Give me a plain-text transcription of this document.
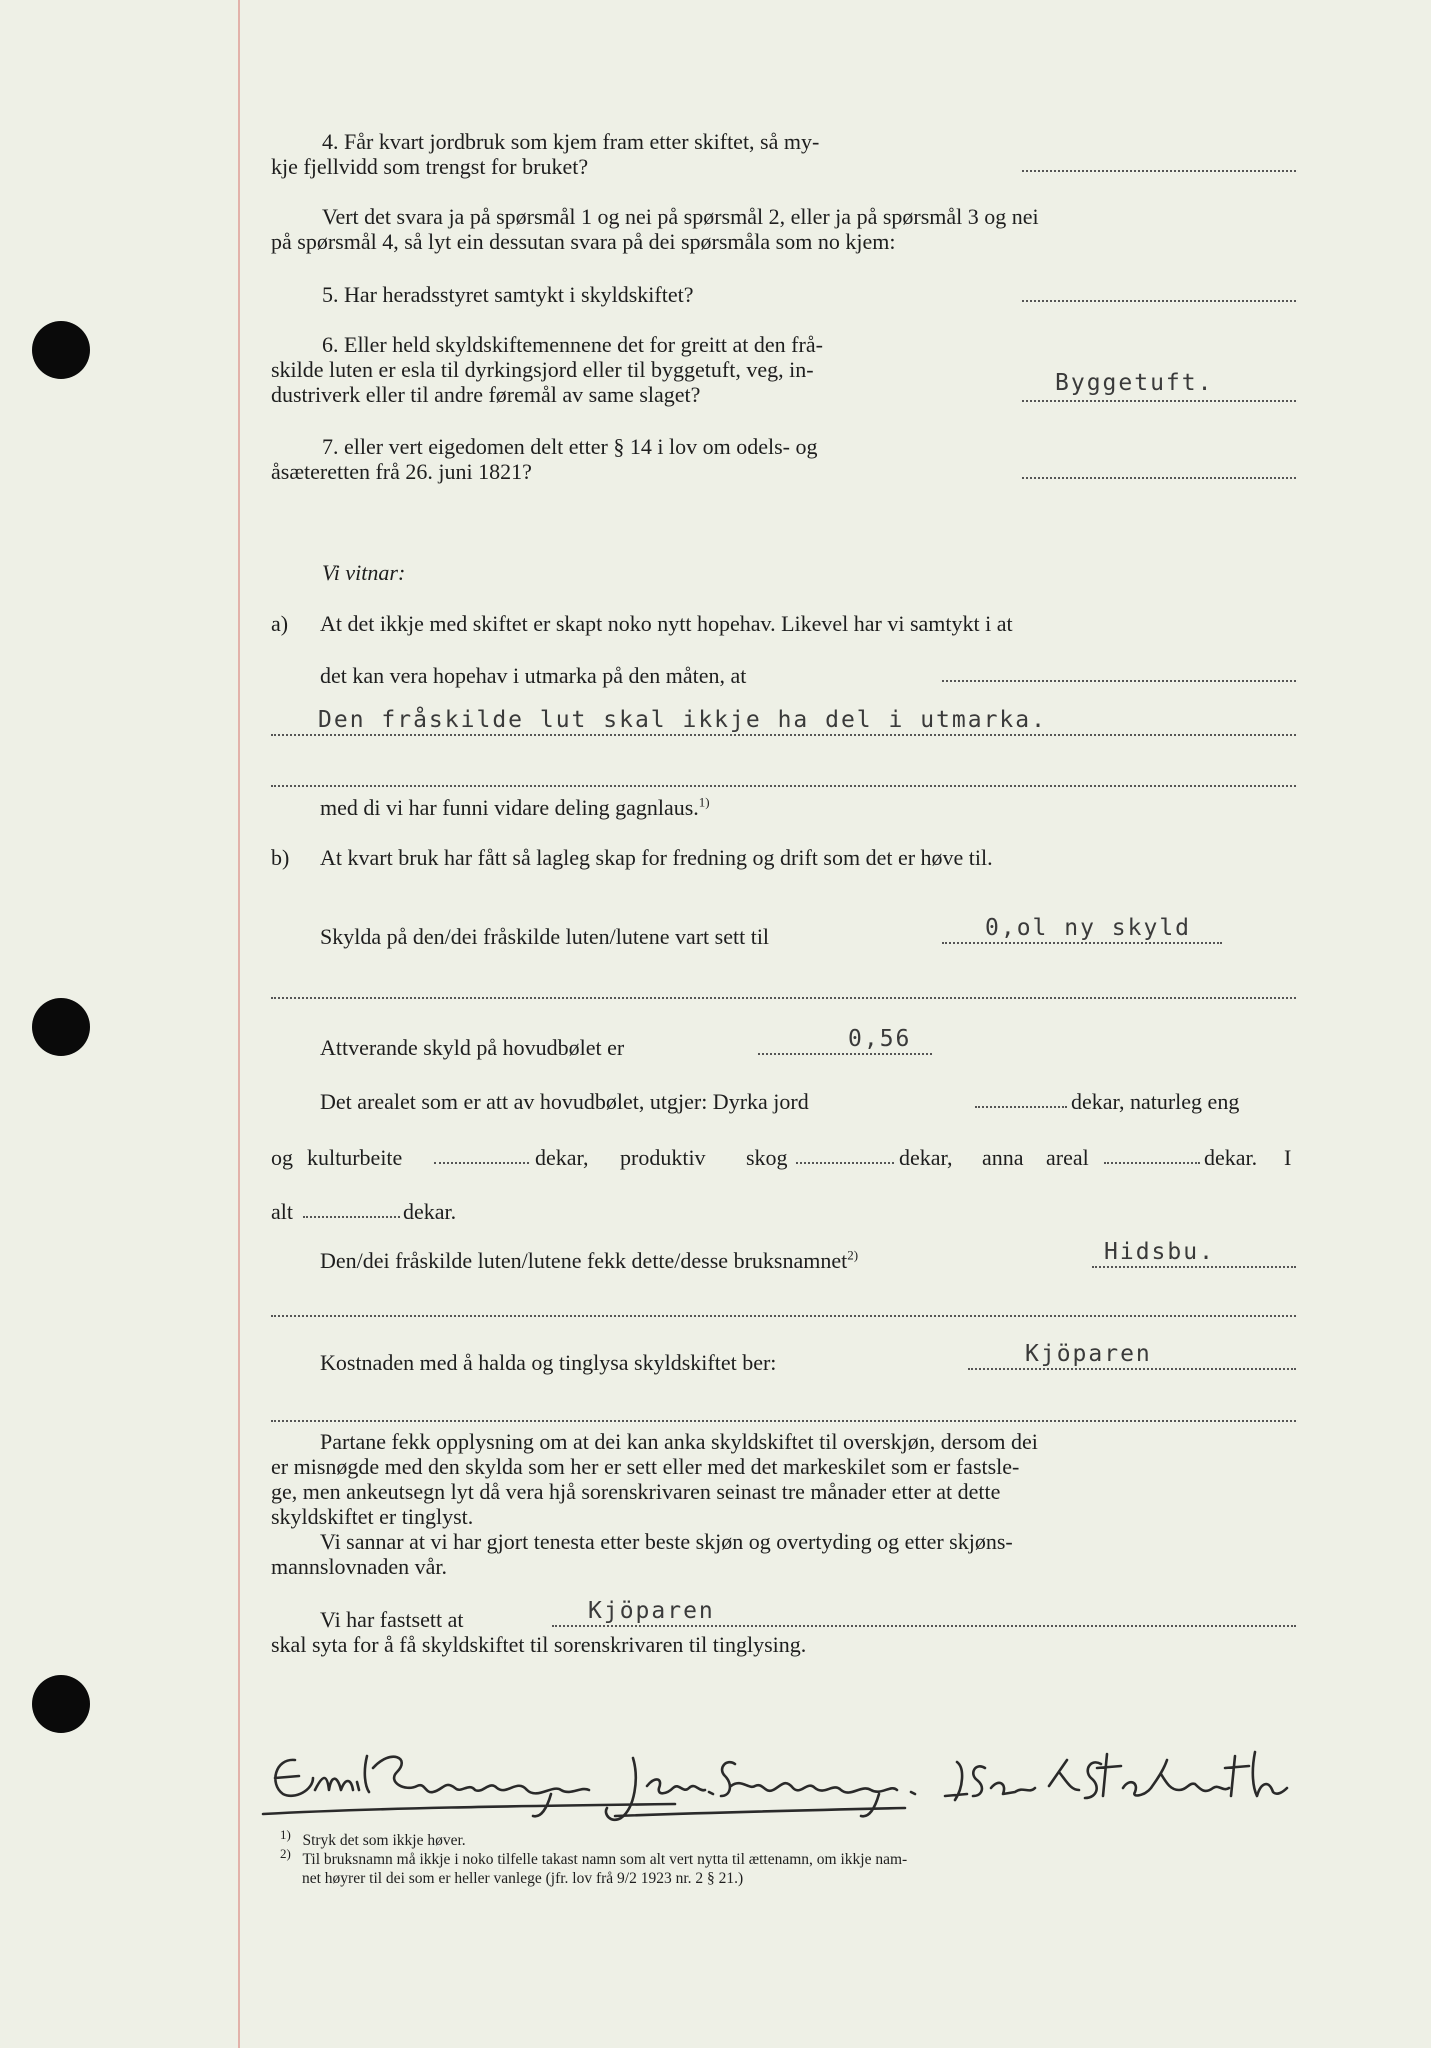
4. Får kvart jordbruk som kjem fram etter skiftet, så my-
kje fjellvidd som trengst for bruket?
Vert det svara ja på spørsmål 1 og nei på spørsmål 2, eller ja på spørsmål 3 og nei
på spørsmål 4, så lyt ein dessutan svara på dei spørsmåla som no kjem:
5. Har heradsstyret samtykt i skyldskiftet?
6. Eller held skyldskiftemennene det for greitt at den frå-
skilde luten er esla til dyrkingsjord eller til byggetuft, veg, in-
dustriverk eller til andre føremål av same slaget?	Byggetuft.
7. eller vert eigedomen delt etter § 14 i lov om odels- og
åsæteretten frå 26. juni 1821?
Vi vitnar:
a) At det ikkje med skiftet er skapt noko nytt hopehav. Likevel har vi samtykt i at
det kan vera hopehav i utmarka på den måten, at
Den fråskilde lut skal ikkje ha del i utmarka.
med di vi har funni vidare deling gagnlaus.$^{1)}$
b) At kvart bruk har fått så lagleg skap for fredning og drift som det er høve til.
Skylda på den/dei fråskilde luten/lutene vart sett til	0,ol ny skyld
Attverande skyld på hovudbølet er	0,56
Det arealet som er att av hovudbølet, utgjer: Dyrka jord	dekar, naturleg eng
og kulturbeite	dekar, produktiv skog	dekar, anna areal	dekar. I
alt	dekar.
Den/dei fråskilde luten/lutene fekk dette/desse bruksnamnet$^{2)}$	Hidsbu.
Kostnaden med å halda og tinglysa skyldskiftet ber:	Kjöparen
Partane fekk opplysning om at dei kan anka skyldskiftet til overskjøn, dersom dei
er misnøgde med den skylda som her er sett eller med det markeskilet som er fastsle-
ge, men ankeutsegn lyt då vera hjå sorenskrivaren seinast tre månader etter at dette
skyldskiftet er tinglyst.
Vi sannar at vi har gjort tenesta etter beste skjøn og overtyding og etter skjøns-
mannslovnaden vår.
Vi har fastsett at	Kjöparen
skal syta for å få skyldskiftet til sorenskrivaren til tinglysing.
$^{1)}$ Stryk det som ikkje høver.
$^{2)}$ Til bruksnamn må ikkje i noko tilfelle takast namn som alt vert nytta til ættenamn, om ikkje nam-
net høyrer til dei som er heller vanlege (jfr. lov frå 9/2 1923 nr. 2 § 21.)
